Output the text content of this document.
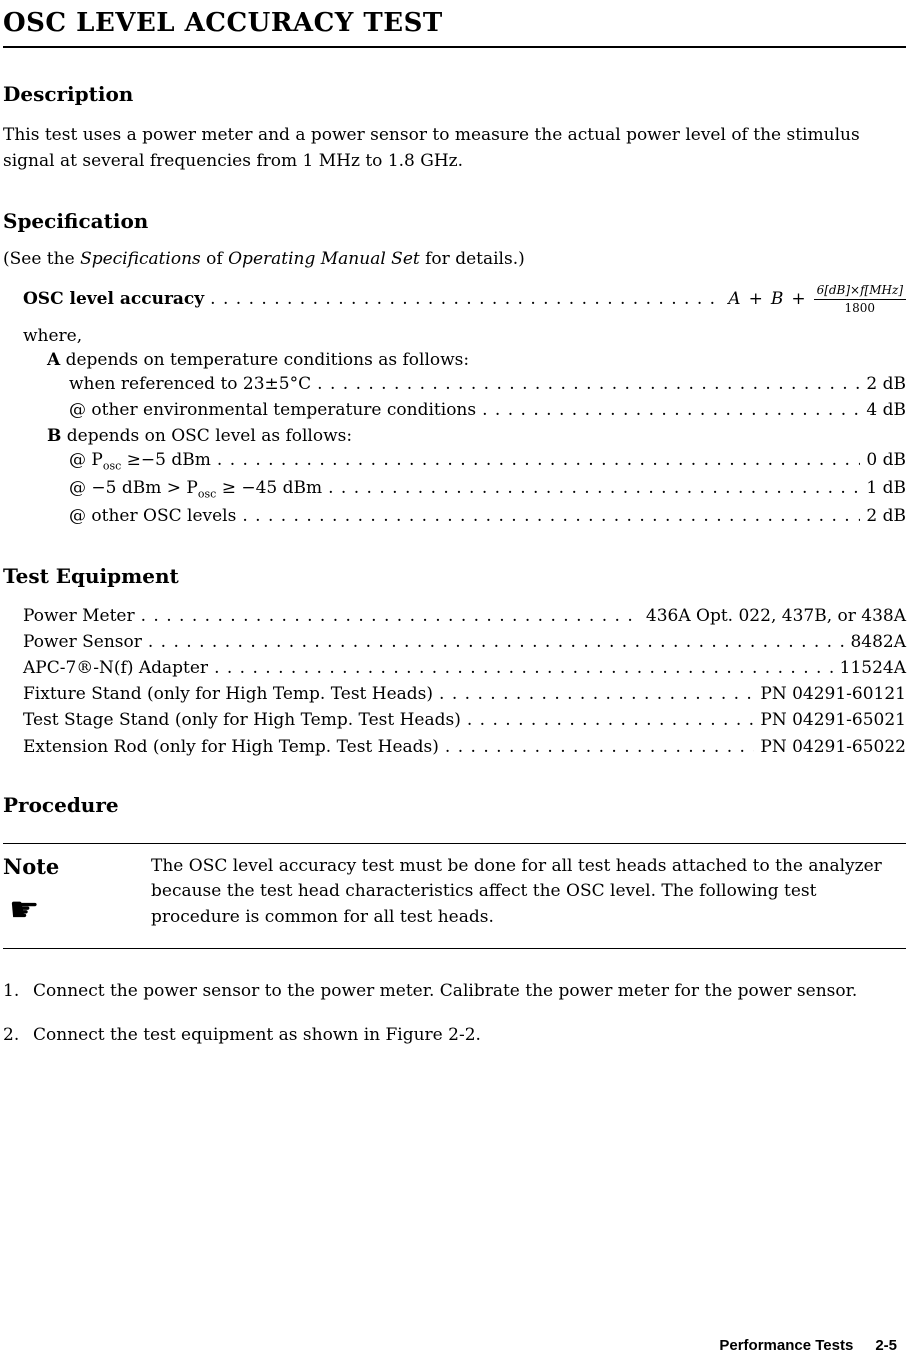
OSC LEVEL ACCURACY TEST
Description

This test uses a power meter and a power sensor to measure the actual power level of the stimulus signal at several frequencies from 1 MHz to 1.8 GHz.

Specification

(See the Specifications of Operating Manual Set for details.)

OSC level accuracy . . .	$A + B + \frac{\text{6[dB]×f[MHz]}}{1800}$
where,
A depends on temperature conditions as follows:
when referenced to 23±5°C . . .	2 dB
@ other environmental temperature conditions . . .	4 dB
B depends on OSC level as follows:
@ $P_{osc} \ge-5$ dBm . . .	0 dB
@ −5 dBm > $P_{osc} \ge -45$ dBm . . .	1 dB
@ other OSC levels . . .	2 dB
Test Equipment
Power Meter . . .	436A Opt. 022, 437B, or 438A
Power Sensor . . .	8482A
APC-7®-N(f) Adapter . . .	11524A
Fixture Stand (only for High Temp. Test Heads) . . .	PN 04291-60121
Test Stage Stand (only for High Temp. Test Heads) . . .	PN 04291-65021
Extension Rod (only for High Temp. Test Heads) . . .	PN 04291-65022
Procedure
Note
☛
The OSC level accuracy test must be done for all test heads attached to the analyzer because the test head characteristics affect the OSC level. The following test procedure is common for all test heads.
1. Connect the power sensor to the power meter. Calibrate the power meter for the power sensor.
2. Connect the test equipment as shown in Figure 2-2.
Performance Tests 2-5
